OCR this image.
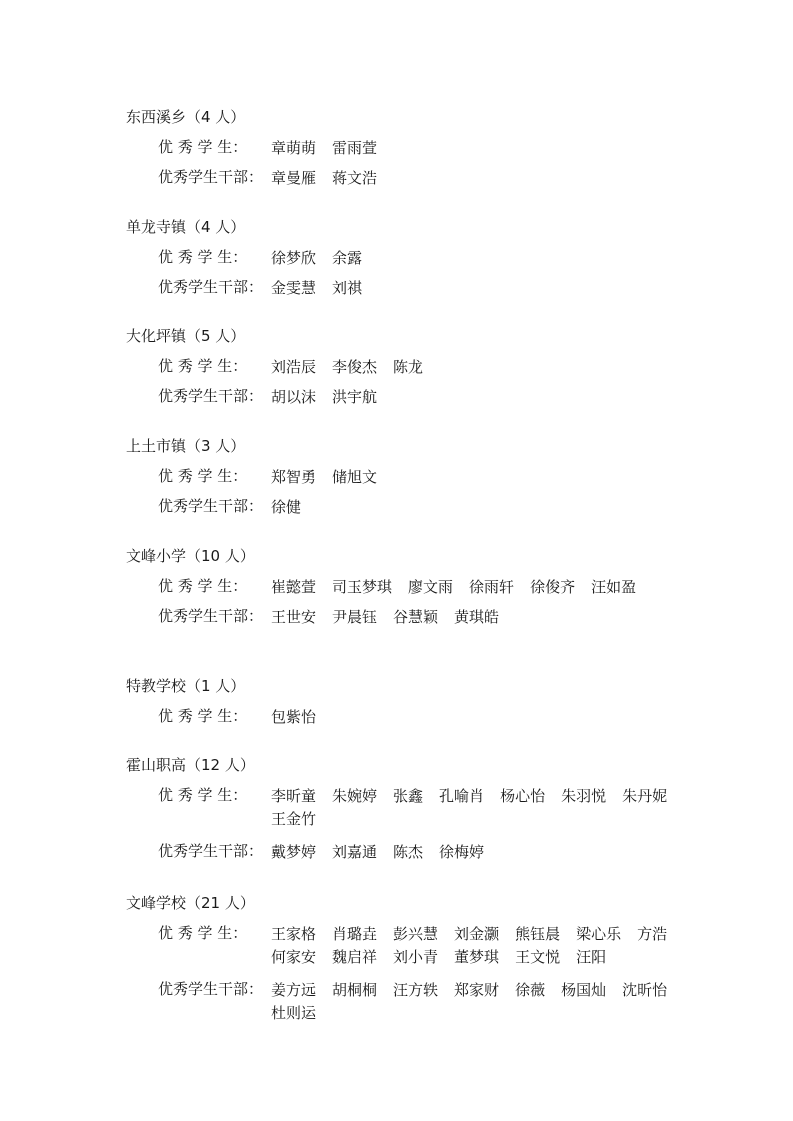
东西溪乡（4 人）
优 秀 学 生： 章萌萌 雷雨萱
优秀学生干部： 章曼雁 蒋文浩
单龙寺镇（4 人）
优 秀 学 生： 徐梦欣 余露
优秀学生干部： 金雯慧 刘祺
大化坪镇（5 人）
优 秀 学 生： 刘浩辰 李俊杰 陈龙
优秀学生干部： 胡以沫 洪宇航
上土市镇（3 人）
优 秀 学 生： 郑智勇 储旭文
优秀学生干部： 徐健
文峰小学（10 人）
优 秀 学 生： 崔懿萱 司玉梦琪 廖文雨 徐雨轩 徐俊齐 汪如盈
优秀学生干部： 王世安 尹晨钰 谷慧颖 黄琪皓
特教学校（1 人）
优 秀 学 生： 包紫怡
霍山职高（12 人）
优 秀 学 生： 李昕童 朱婉婷 张鑫 孔喻肖 杨心怡 朱羽悦 朱丹妮
王金竹
优秀学生干部： 戴梦婷 刘嘉通 陈杰 徐梅婷
文峰学校（21 人）
优 秀 学 生： 王家格 肖璐垚 彭兴慧 刘金灏 熊钰晨 梁心乐 方浩
何家安 魏启祥 刘小青 董梦琪 王文悦 汪阳
优秀学生干部： 姜方远 胡桐桐 汪方轶 郑家财 徐薇 杨国灿 沈昕怡
杜则运
